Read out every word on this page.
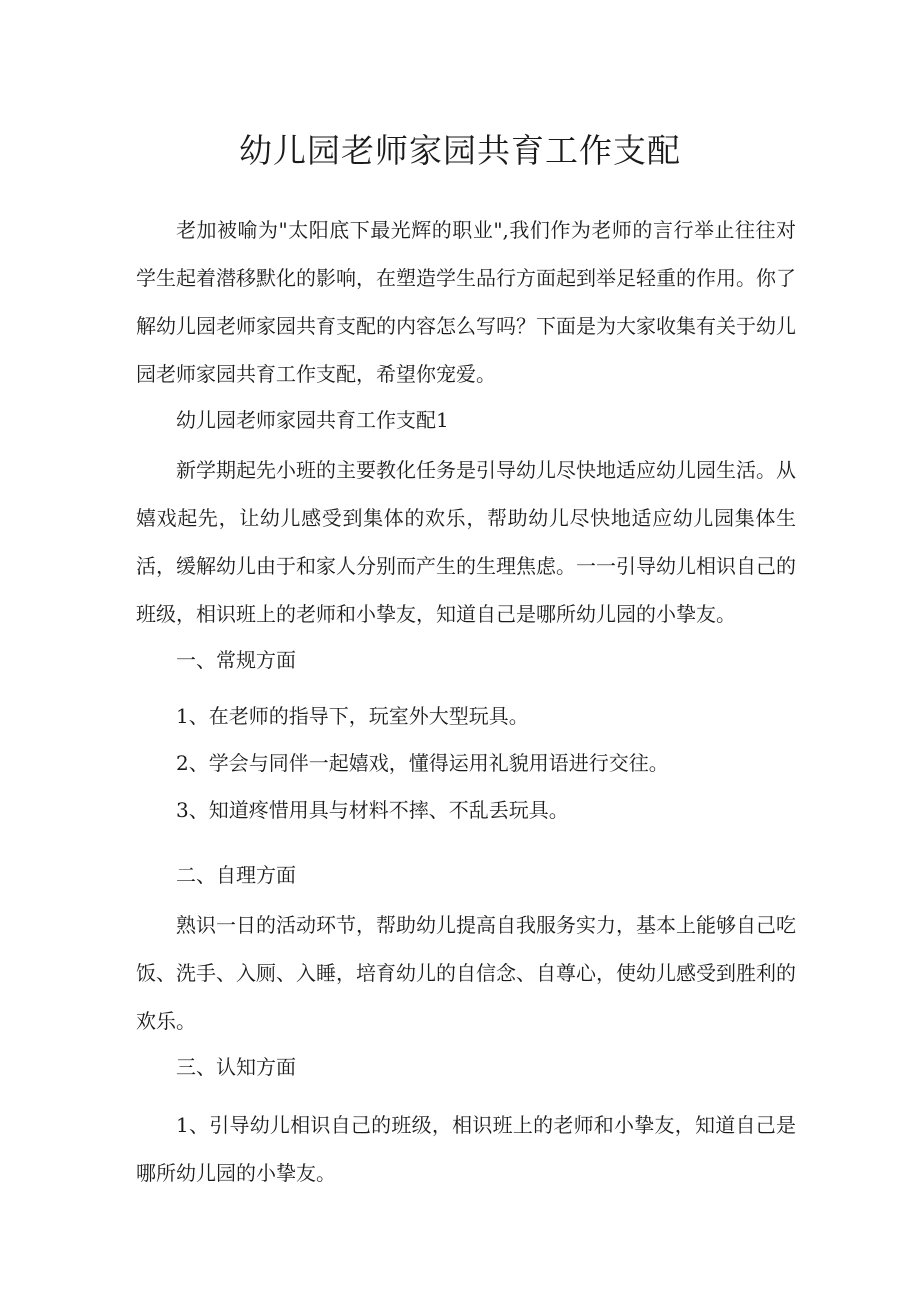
幼儿园老师家园共育工作支配
老加被喻为"太阳底下最光辉的职业",我们作为老师的言行举止往往对学生起着潜移默化的影响，在塑造学生品行方面起到举足轻重的作用。你了解幼儿园老师家园共育支配的内容怎么写吗？下面是为大家收集有关于幼儿园老师家园共育工作支配，希望你宠爱。
幼儿园老师家园共育工作支配1
新学期起先小班的主要教化任务是引导幼儿尽快地适应幼儿园生活。从嬉戏起先，让幼儿感受到集体的欢乐，帮助幼儿尽快地适应幼儿园集体生活，缓解幼儿由于和家人分别而产生的生理焦虑。一一引导幼儿相识自己的班级，相识班上的老师和小挚友，知道自己是哪所幼儿园的小挚友。
一、常规方面
1、在老师的指导下，玩室外大型玩具。
2、学会与同伴一起嬉戏，懂得运用礼貌用语进行交往。
3、知道疼惜用具与材料不摔、不乱丢玩具。
二、自理方面
熟识一日的活动环节，帮助幼儿提高自我服务实力，基本上能够自己吃饭、洗手、入厕、入睡，培育幼儿的自信念、自尊心，使幼儿感受到胜利的欢乐。
三、认知方面
1、引导幼儿相识自己的班级，相识班上的老师和小挚友，知道自己是哪所幼儿园的小挚友。
